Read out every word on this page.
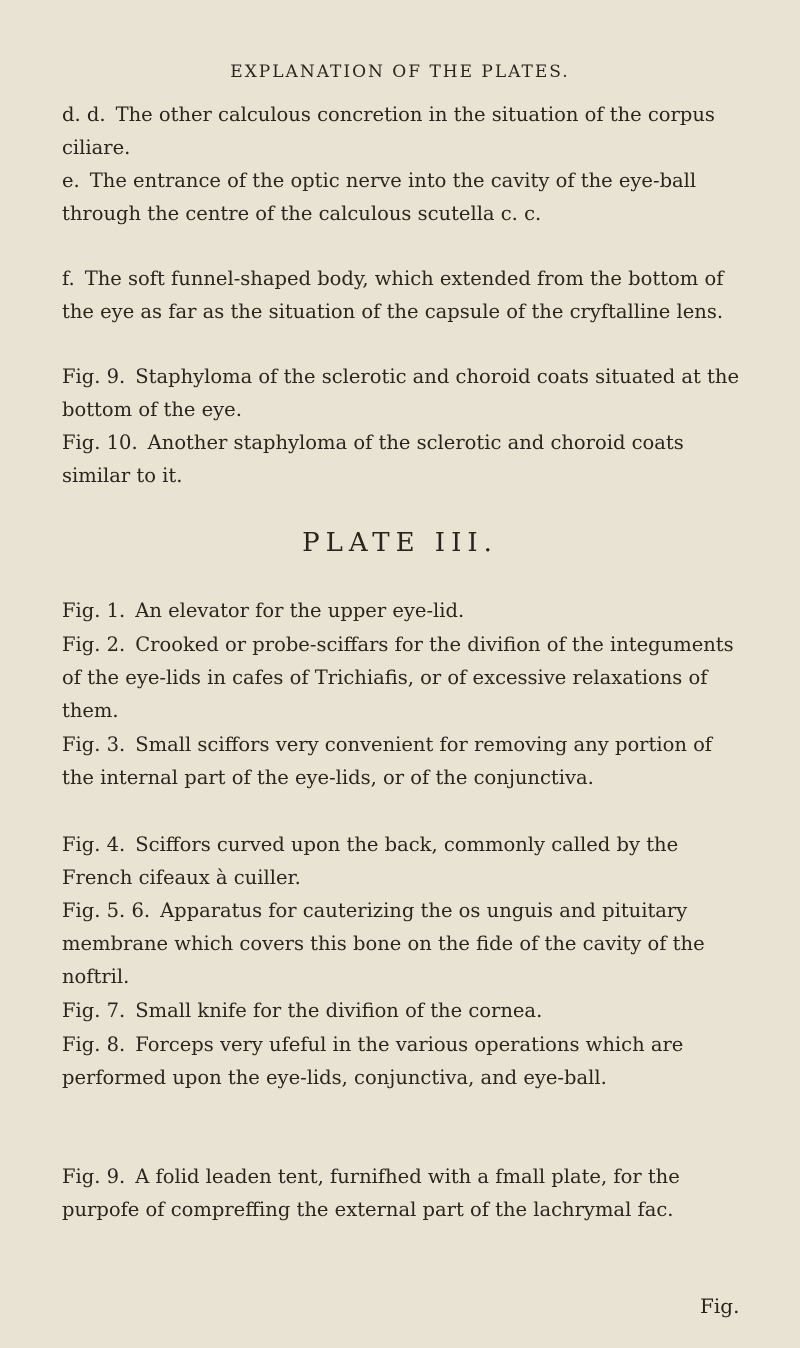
EXPLANATION OF THE PLATES.

d. d. The other calculous concretion in the situation of the corpus ciliare.

e. The entrance of the optic nerve into the cavity of the eye-ball through the centre of the calculous scutella c. c.

f. The soft funnel-shaped body, which extended from the bottom of the eye as far as the situation of the capsule of the cryftalline lens.

Fig. 9. Staphyloma of the sclerotic and choroid coats situated at the bottom of the eye.

Fig. 10. Another staphyloma of the sclerotic and choroid coats similar to it.

PLATE III.

Fig. 1. An elevator for the upper eye-lid.

Fig. 2. Crooked or probe-sciffars for the divifion of the integuments of the eye-lids in cafes of Trichiafis, or of excessive relaxations of them.

Fig. 3. Small sciffors very convenient for removing any portion of the internal part of the eye-lids, or of the conjunctiva.

Fig. 4. Sciffors curved upon the back, commonly called by the French cifeaux à cuiller.

Fig. 5. 6. Apparatus for cauterizing the os unguis and pituitary membrane which covers this bone on the fide of the cavity of the noftril.

Fig. 7. Small knife for the divifion of the cornea.

Fig. 8. Forceps very ufeful in the various operations which are performed upon the eye-lids, conjunctiva, and eye-ball.

Fig. 9. A folid leaden tent, furnifhed with a fmall plate, for the purpofe of compreffing the external part of the lachrymal fac.

Fig.
